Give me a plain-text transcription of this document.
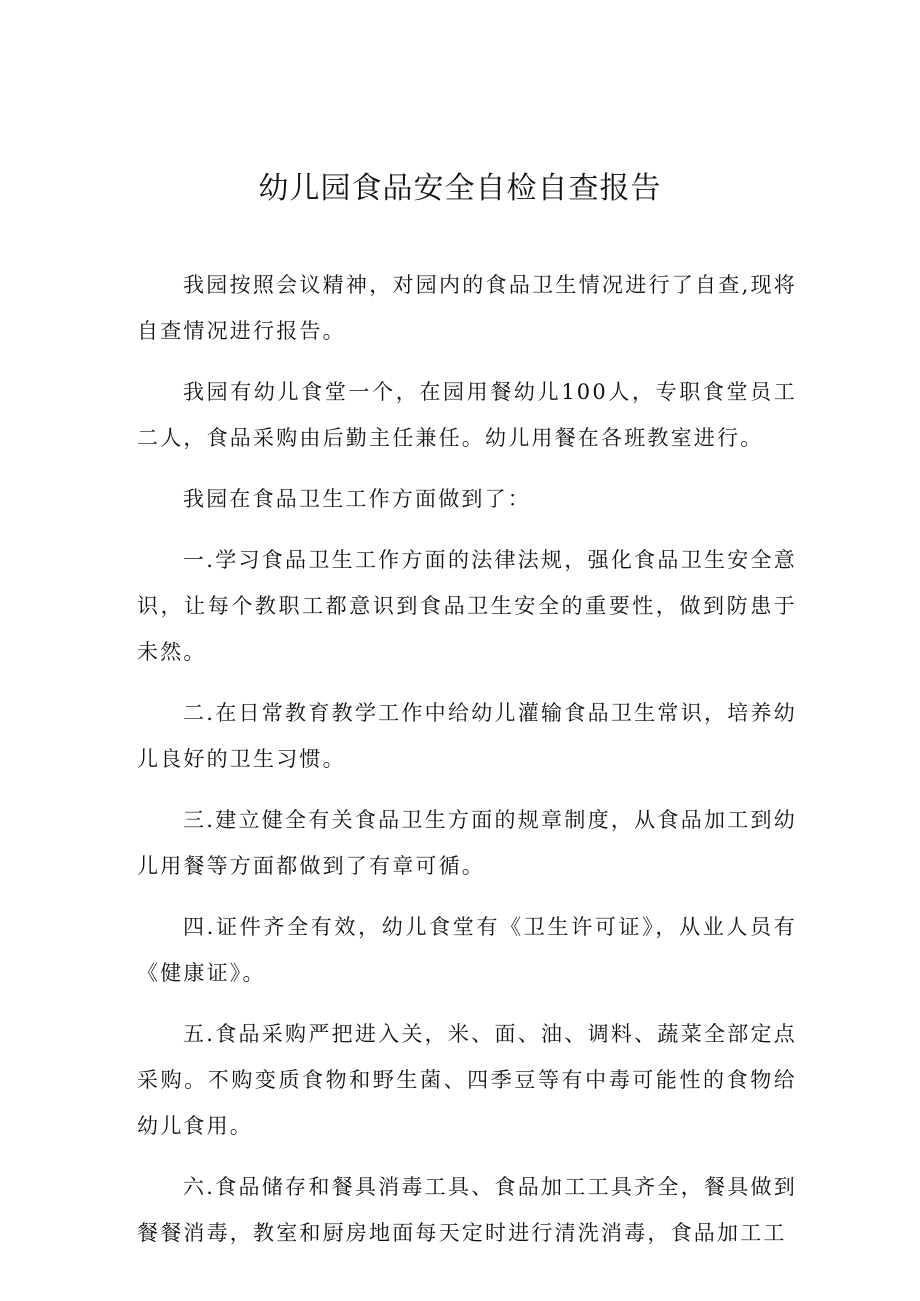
幼儿园食品安全自检自查报告

我园按照会议精神，对园内的食品卫生情况进行了自查,现将自查情况进行报告。

我园有幼儿食堂一个，在园用餐幼儿100人，专职食堂员工二人，食品采购由后勤主任兼任。幼儿用餐在各班教室进行。

我园在食品卫生工作方面做到了：

一.学习食品卫生工作方面的法律法规，强化食品卫生安全意识，让每个教职工都意识到食品卫生安全的重要性，做到防患于未然。

二.在日常教育教学工作中给幼儿灌输食品卫生常识，培养幼儿良好的卫生习惯。

三.建立健全有关食品卫生方面的规章制度，从食品加工到幼儿用餐等方面都做到了有章可循。

四.证件齐全有效，幼儿食堂有《卫生许可证》，从业人员有《健康证》。

五.食品采购严把进入关，米、面、油、调料、蔬菜全部定点采购。不购变质食物和野生菌、四季豆等有中毒可能性的食物给幼儿食用。

六.食品储存和餐具消毒工具、食品加工工具齐全，餐具做到餐餐消毒，教室和厨房地面每天定时进行清洗消毒，食品加工工
